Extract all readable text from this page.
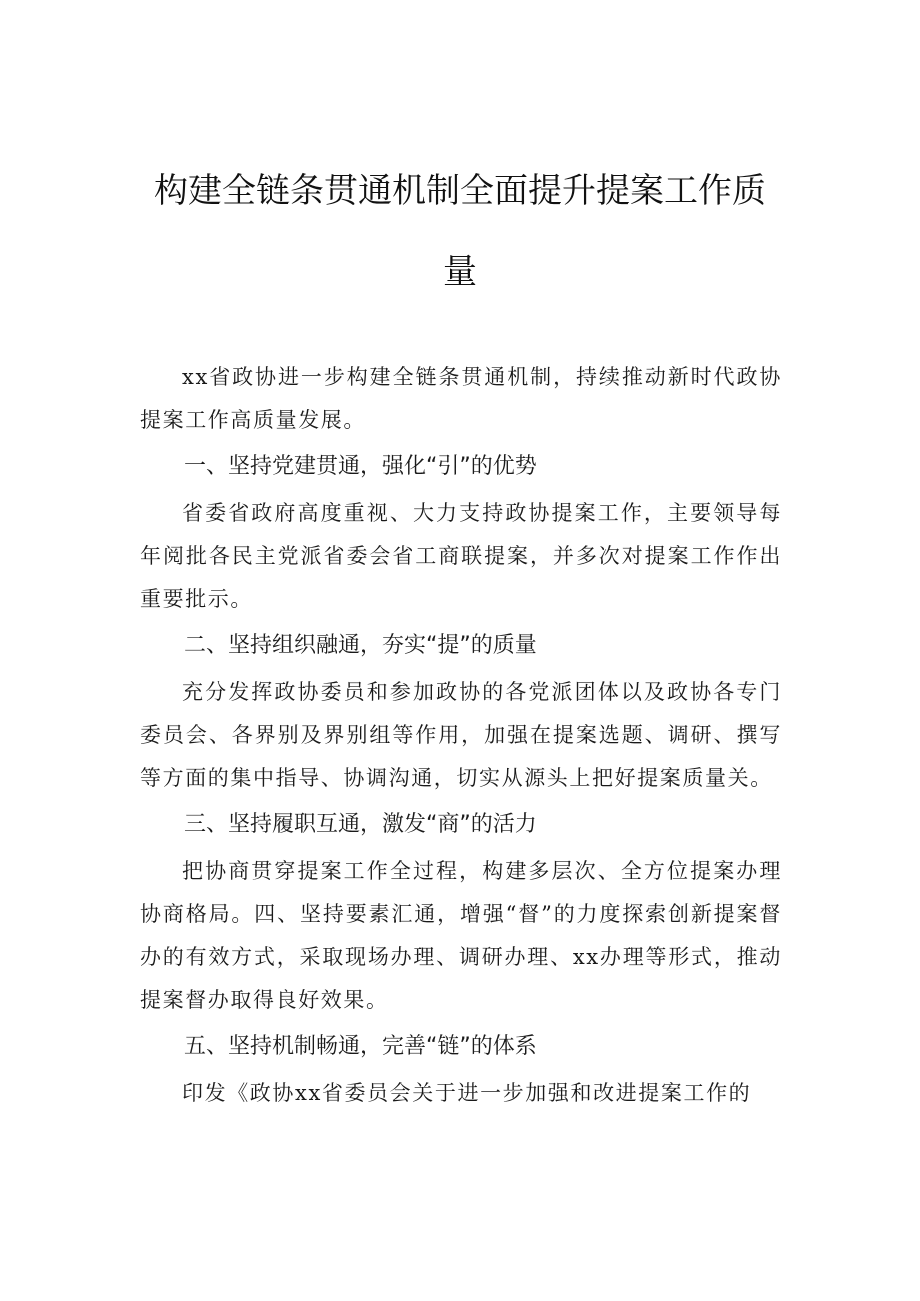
构建全链条贯通机制全面提升提案工作质
量

xx省政协进一步构建全链条贯通机制，持续推动新时代政协提案工作高质量发展。

一、坚持党建贯通，强化“引”的优势

省委省政府高度重视、大力支持政协提案工作，主要领导每年阅批各民主党派省委会省工商联提案，并多次对提案工作作出重要批示。

二、坚持组织融通，夯实“提”的质量

充分发挥政协委员和参加政协的各党派团体以及政协各专门委员会、各界别及界别组等作用，加强在提案选题、调研、撰写等方面的集中指导、协调沟通，切实从源头上把好提案质量关。

三、坚持履职互通，激发“商”的活力

把协商贯穿提案工作全过程，构建多层次、全方位提案办理协商格局。四、坚持要素汇通，增强“督”的力度探索创新提案督办的有效方式，采取现场办理、调研办理、xx办理等形式，推动提案督办取得良好效果。

五、坚持机制畅通，完善“链”的体系

印发《政协xx省委员会关于进一步加强和改进提案工作的
